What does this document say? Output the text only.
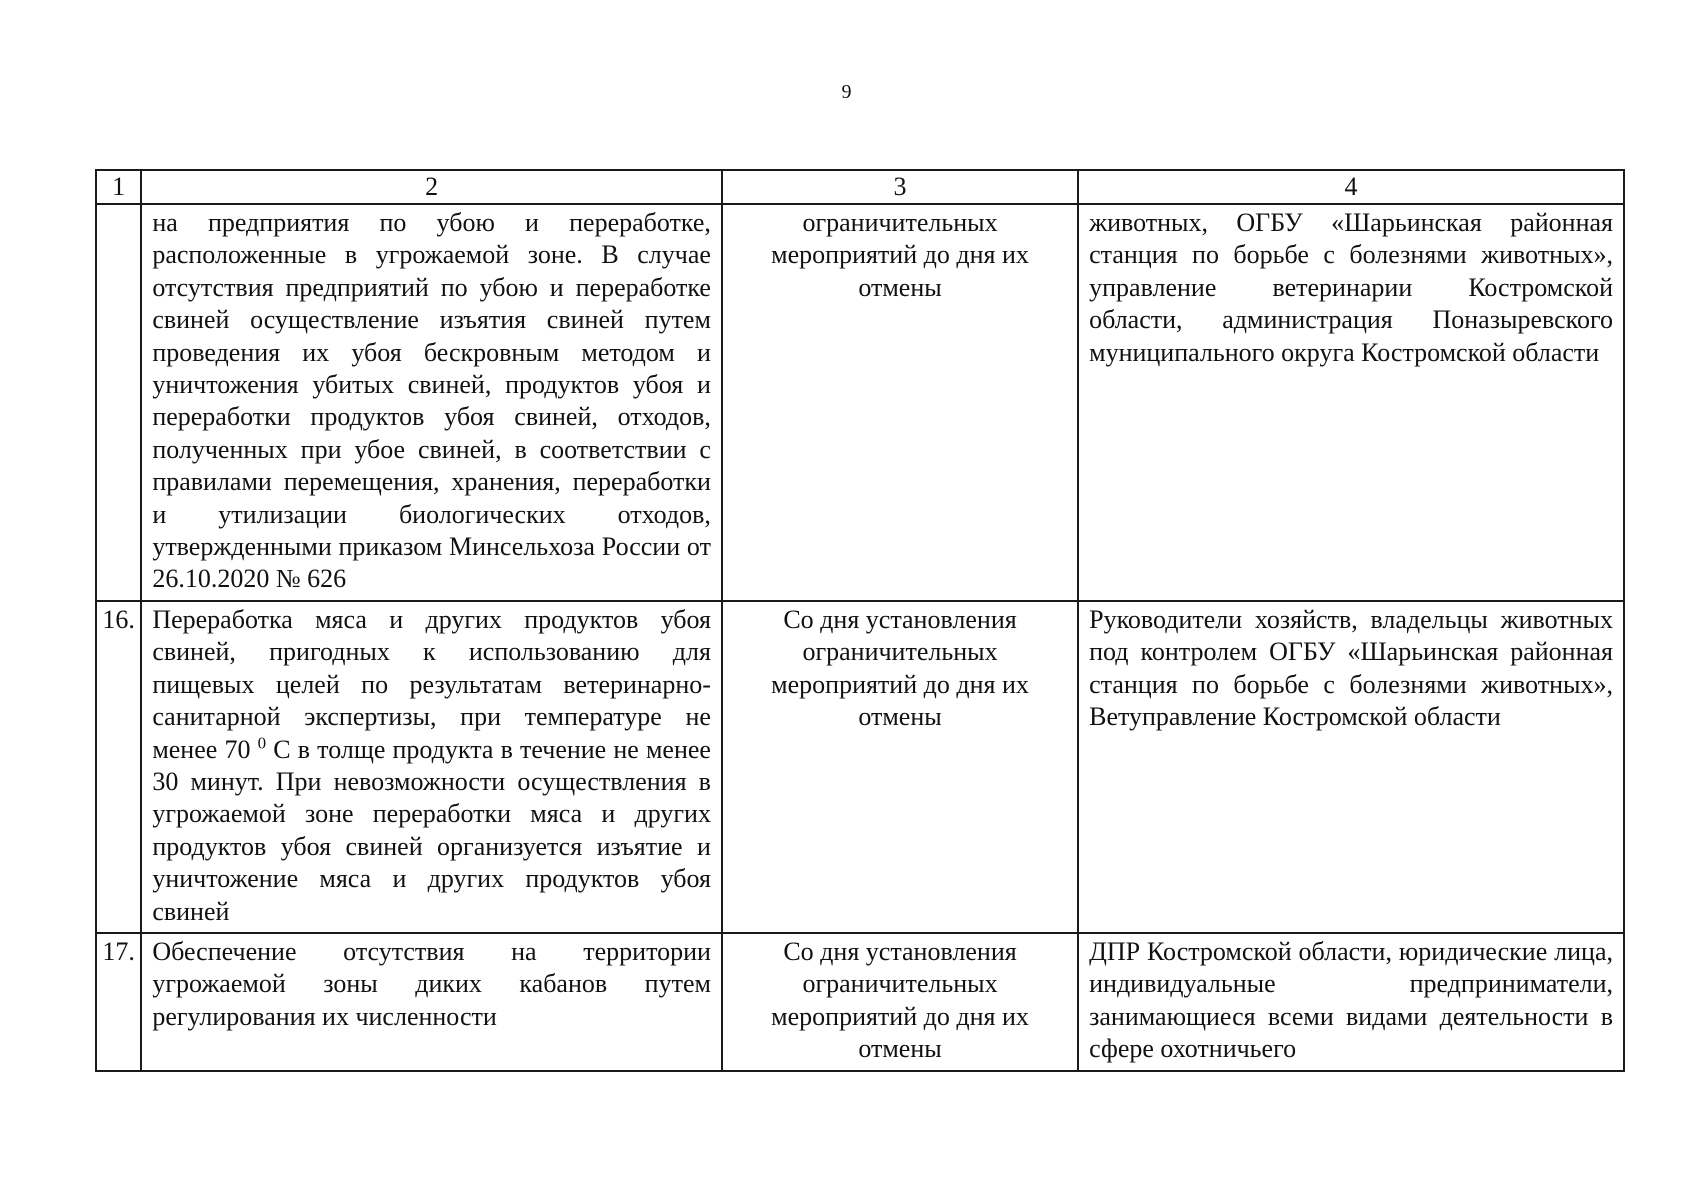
9
1	2	3	4
	на предприятия по убою и переработке, расположенные в угрожаемой зоне. В случае отсутствия предприятий по убою и переработке свиней осуществление изъятия свиней путем проведения их убоя бескровным методом и уничтожения убитых свиней, продуктов убоя и переработки продуктов убоя свиней, отходов, полученных при убое свиней, в соответствии с правилами перемещения, хранения, переработки и утилизации биологических отходов, утвержденными приказом Минсельхоза России от 26.10.2020 № 626	ограничительных мероприятий до дня их отмены	животных, ОГБУ «Шарьинская районная станция по борьбе с болезнями животных», управление ветеринарии Костромской области, администрация Поназыревского муниципального округа Костромской области
16.	Переработка мяса и других продуктов убоя свиней, пригодных к использованию для пищевых целей по результатам ветеринарно-санитарной экспертизы, при температуре не менее 70 $^0$ С в толще продукта в течение не менее 30 минут. При невозможности осуществления в угрожаемой зоне переработки мяса и других продуктов убоя свиней организуется изъятие и уничтожение мяса и других продуктов убоя свиней	Со дня установления ограничительных мероприятий до дня их отмены	Руководители хозяйств, владельцы животных под контролем ОГБУ «Шарьинская районная станция по борьбе с болезнями животных», Ветуправление Костромской области
17.	Обеспечение отсутствия на территории угрожаемой зоны диких кабанов путем регулирования их численности	Со дня установления ограничительных мероприятий до дня их отмены	ДПР Костромской области, юридические лица, индивидуальные предприниматели, занимающиеся всеми видами деятельности в сфере охотничьего
